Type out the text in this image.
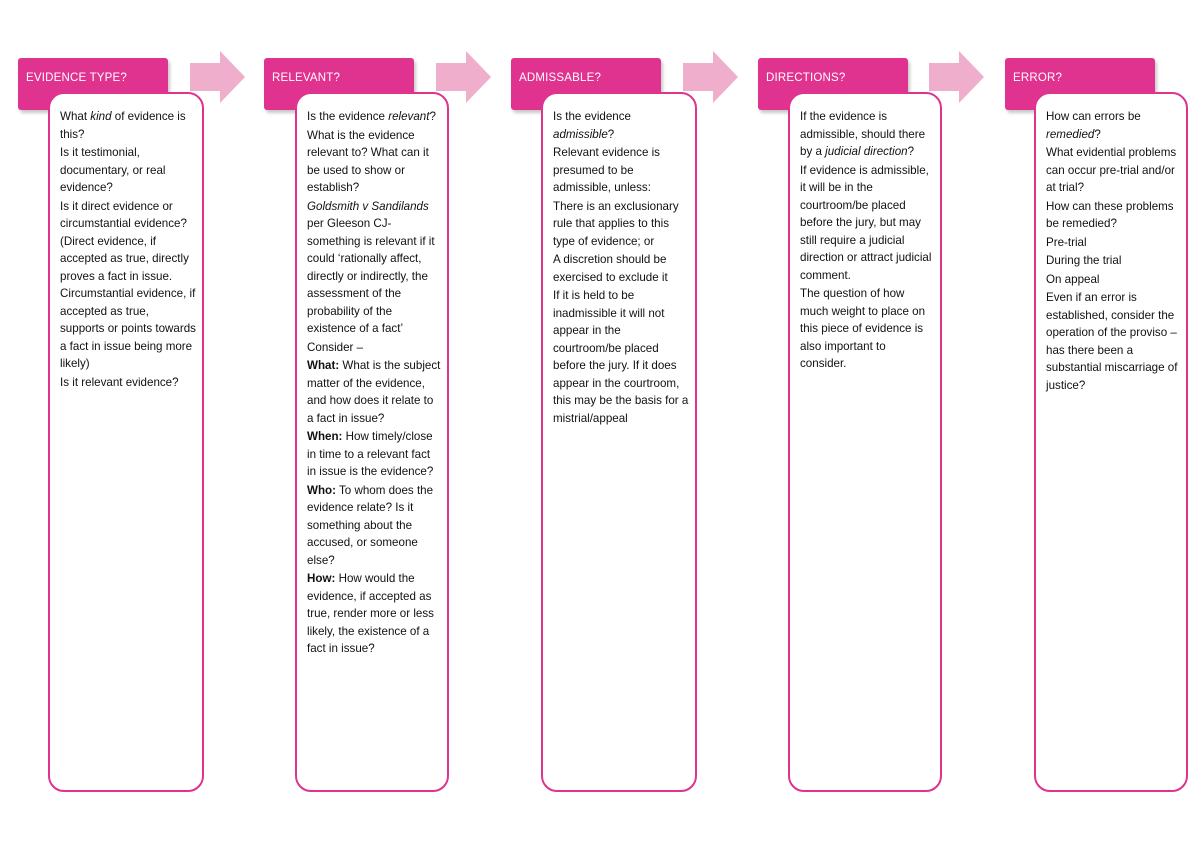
EVIDENCE TYPE?

What kind of evidence is this?

Is it testimonial, documentary, or real evidence?

Is it direct evidence or circumstantial evidence? (Direct evidence, if accepted as true, directly proves a fact in issue. Circumstantial evidence, if accepted as true, supports or points towards a fact in issue being more likely)

Is it relevant evidence?

RELEVANT?

Is the evidence relevant?

What is the evidence relevant to? What can it be used to show or establish?

Goldsmith v Sandilands per Gleeson CJ- something is relevant if it could ‘rationally affect, directly or indirectly, the assessment of the probability of the existence of a fact’

Consider –

What: What is the subject matter of the evidence, and how does it relate to a fact in issue?

When: How timely/close in time to a relevant fact in issue is the evidence?

Who: To whom does the evidence relate? Is it something about the accused, or someone else?

How: How would the evidence, if accepted as true, render more or less likely, the existence of a fact in issue?

ADMISSABLE?

Is the evidence admissible?

Relevant evidence is presumed to be admissible, unless:

There is an exclusionary rule that applies to this type of evidence; or

A discretion should be exercised to exclude it

If it is held to be inadmissible it will not appear in the courtroom/be placed before the jury. If it does appear in the courtroom, this may be the basis for a mistrial/appeal

DIRECTIONS?

If the evidence is admissible, should there by a judicial direction?

If evidence is admissible, it will be in the courtroom/be placed before the jury, but may still require a judicial direction or attract judicial comment.

The question of how much weight to place on this piece of evidence is also important to consider.

ERROR?

How can errors be remedied?

What evidential problems can occur pre-trial and/or at trial?

How can these problems be remedied?

Pre-trial

During the trial

On appeal

Even if an error is established, consider the operation of the proviso – has there been a substantial miscarriage of justice?
